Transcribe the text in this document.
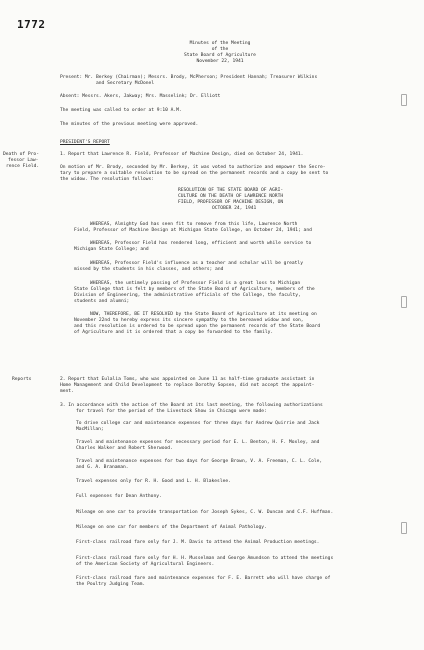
1772
Minutes of the Meeting
of the
State Board of Agriculture
November 22, 1941
Present: Mr. Berkey (Chairman); Messrs. Brody, McPherson; President Hannah; Treasurer Wilkins
and Secretary McDonel
Absent: Messrs. Akers, Jakway; Mrs. Masselink; Dr. Elliott
The meeting was called to order at 9:10 A.M.
The minutes of the previous meeting were approved.
PRESIDENT'S REPORT
Death of Pro-
fessor Law-
rence Field.
Reports
1. Report that Lawrence R. Field, Professor of Machine Design, died on October 24, 1941.
On motion of Mr. Brody, seconded by Mr. Berkey, it was voted to authorize and empower the Secre-
tary to prepare a suitable resolution to be spread on the permanent records and a copy be sent to
the widow. The resolution follows:
RESOLUTION OF THE STATE BOARD OF AGRI-
CULTURE ON THE DEATH OF LAWRENCE NORTH
FIELD, PROFESSOR OF MACHINE DESIGN, ON
OCTOBER 24, 1941
WHEREAS, Almighty God has seen fit to remove from this life, Lawrence North
Field, Professor of Machine Design at Michigan State College, on October 24, 1941; and
WHEREAS, Professor Field has rendered long, efficient and worth while service to
Michigan State College; and
WHEREAS, Professor Field's influence as a teacher and scholar will be greatly
missed by the students in his classes, and others; and
WHEREAS, the untimely passing of Professor Field is a great loss to Michigan
State College that is felt by members of the State Board of Agriculture, members of the
Division of Engineering, the administrative officials of the College, the faculty,
students and alumni;
NOW, THEREFORE, BE IT RESOLVED by the State Board of Agriculture at its meeting on
November 22nd to hereby express its sincere sympathy to the bereaved widow and son,
and this resolution is ordered to be spread upon the permanent records of the State Board
of Agriculture and it is ordered that a copy be forwarded to the family.
2. Report that Eulalia Toms, who was appointed on June 11 as half-time graduate assistant in
Home Management and Child Development to replace Dorothy Sopsen, did not accept the appoint-
ment.
3. In accordance with the action of the Board at its last meeting, the following authorizations
for travel for the period of the Livestock Show in Chicago were made:
To drive college car and maintenance expenses for three days for Andrew Quirrie and Jack
MacMillan;
Travel and maintenance expenses for necessary period for E. L. Benton, H. F. Moxley, and
Charles Walker and Robert Sherwood.
Travel and maintenance expenses for two days for George Brown, V. A. Freeman, C. L. Cole,
and G. A. Branaman.
Travel expenses only for R. H. Good and L. H. Blakeslee.
Full expenses for Dean Anthony.
Mileage on one car to provide transportation for Joseph Sykes, C. W. Duncan and C.F. Huffman.
Mileage on one car for members of the Department of Animal Pathology.
First-class railroad fare only for J. M. Davis to attend the Animal Production meetings.
First-class railroad fare only for H. H. Musselman and George Amundson to attend the meetings
of the American Society of Agricultural Engineers.
First-class railroad fare and maintenance expenses for F. E. Barrett who will have charge of
the Poultry Judging Team.
